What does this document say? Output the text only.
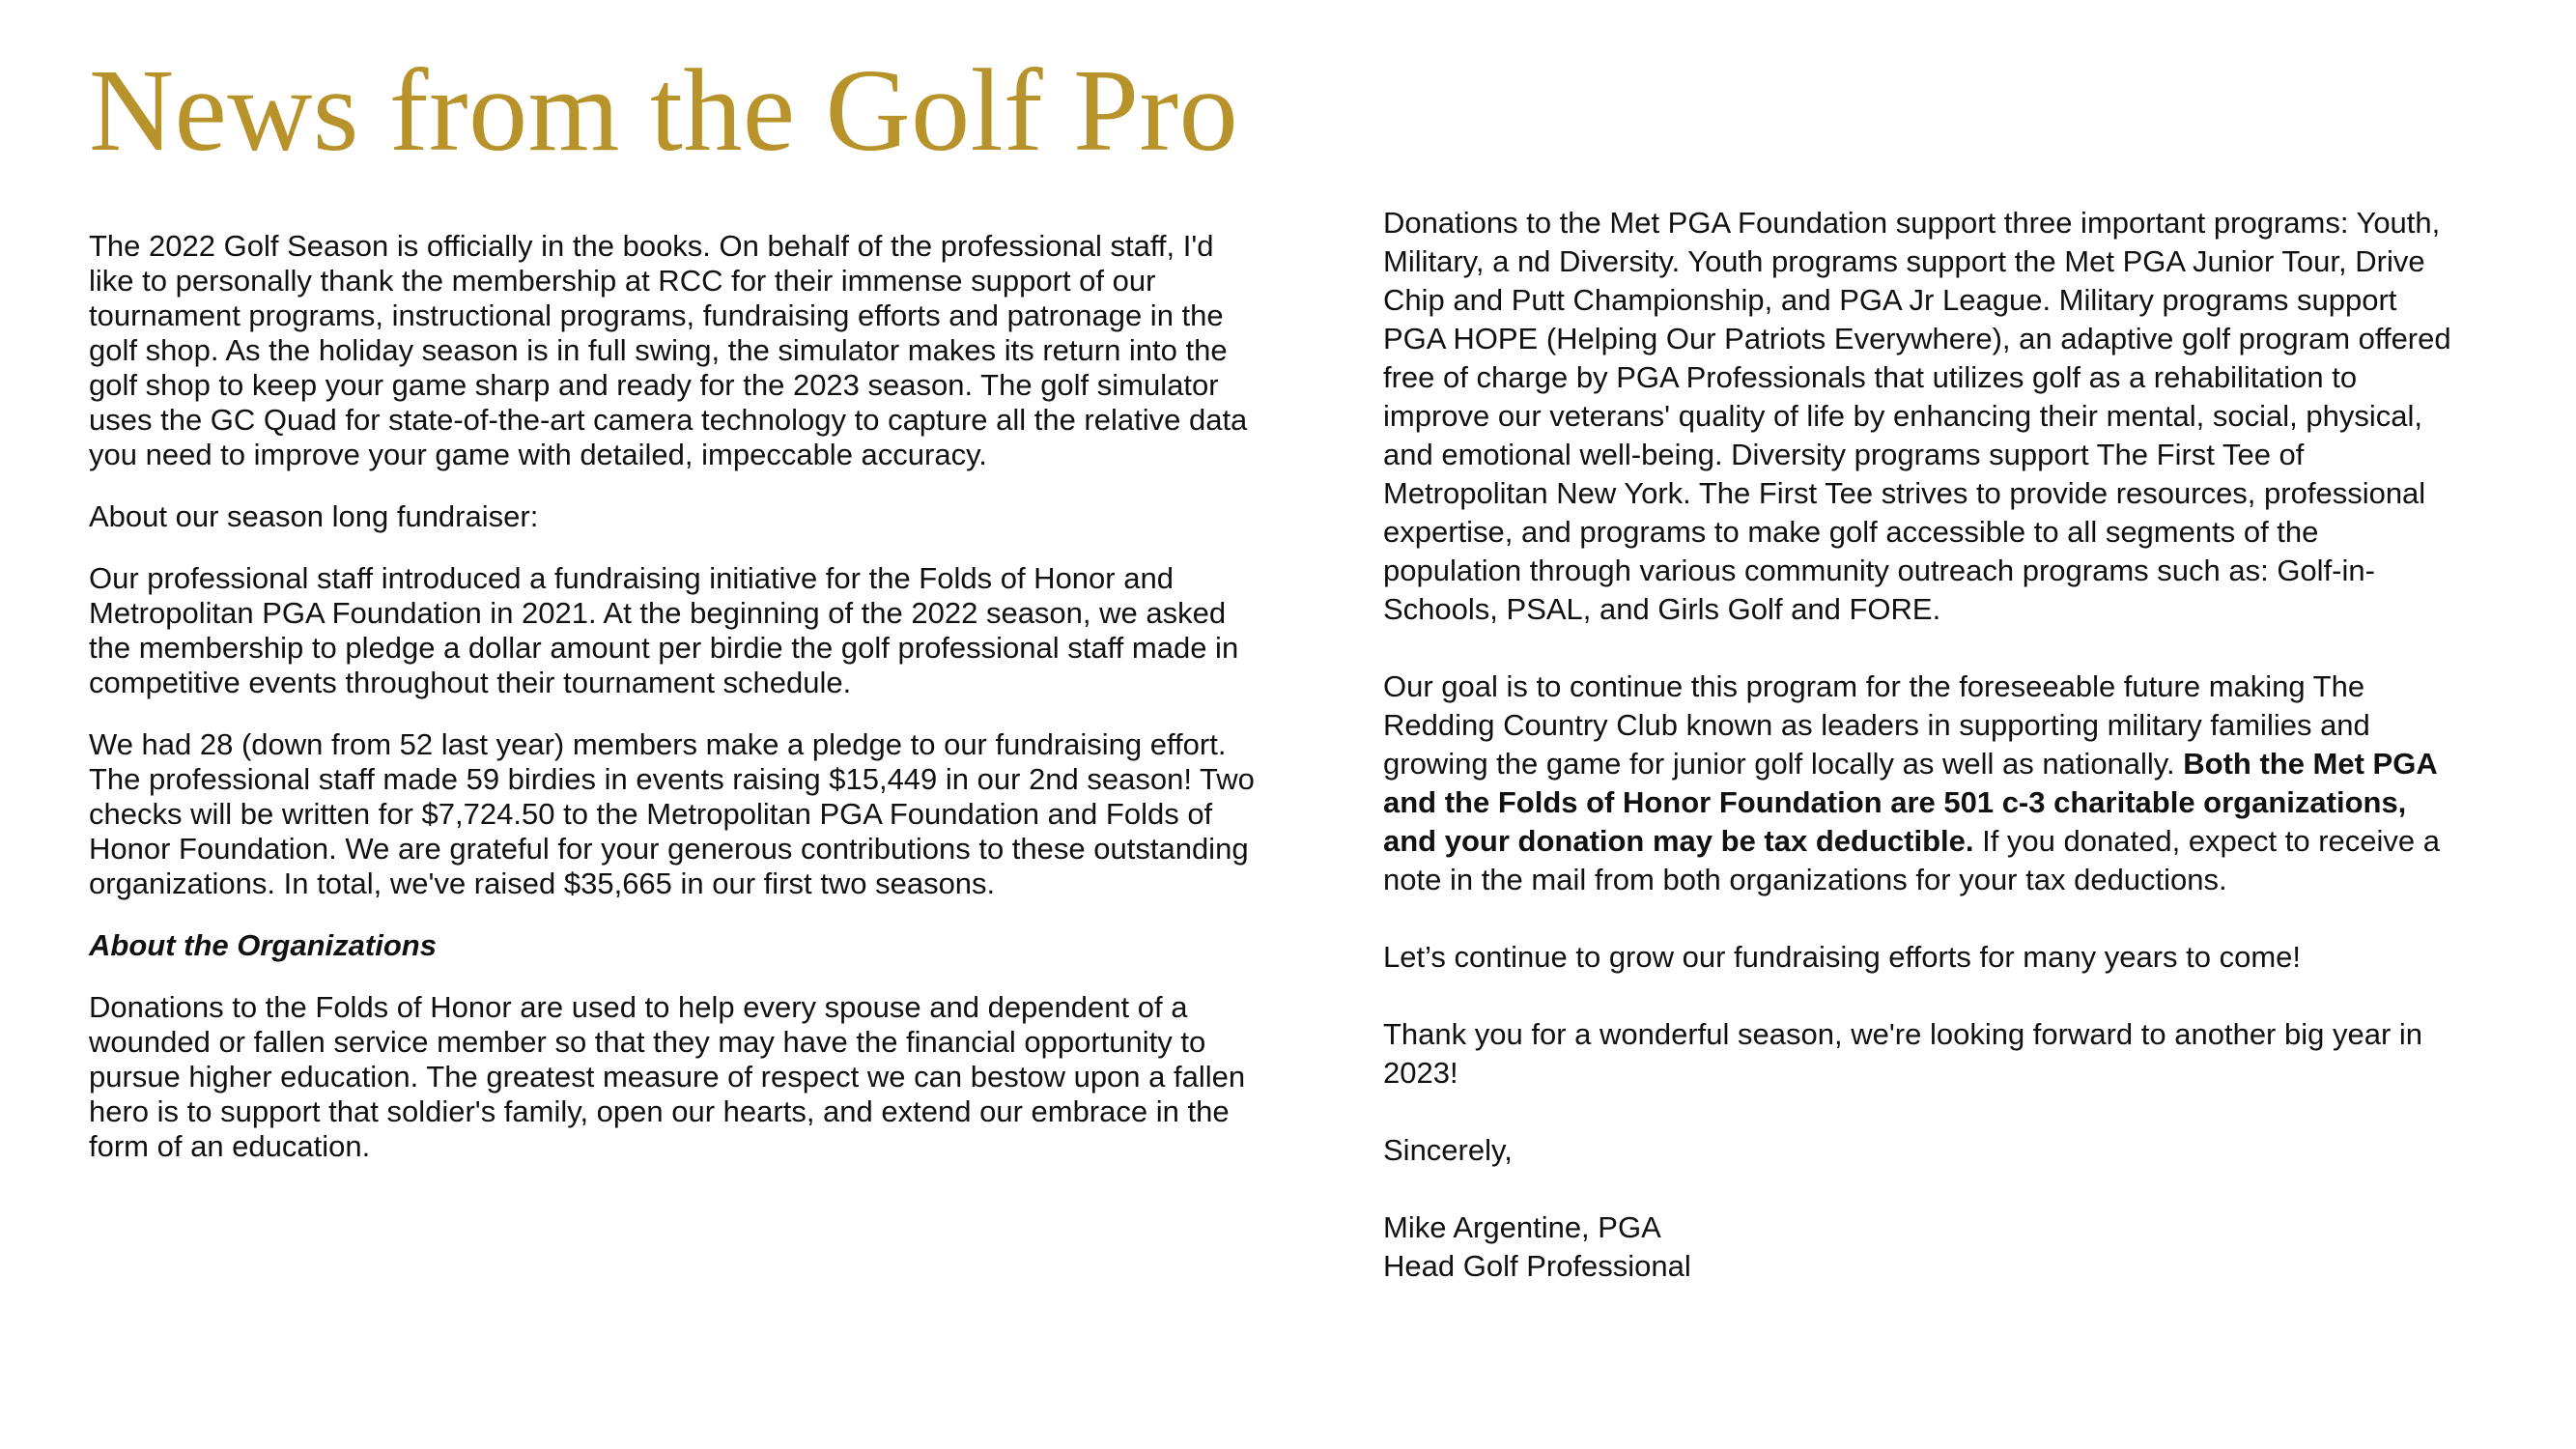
News from the Golf Pro

The 2022 Golf Season is officially in the books. On behalf of the professional staff, I'd like to personally thank the membership at RCC for their immense support of our tournament programs, instructional programs, fundraising efforts and patronage in the golf shop. As the holiday season is in full swing, the simulator makes its return into the golf shop to keep your game sharp and ready for the 2023 season. The golf simulator uses the GC Quad for state-of-the-art camera technology to capture all the relative data you need to improve your game with detailed, impeccable accuracy.

About our season long fundraiser:

Our professional staff introduced a fundraising initiative for the Folds of Honor and Metropolitan PGA Foundation in 2021. At the beginning of the 2022 season, we asked the membership to pledge a dollar amount per birdie the golf professional staff made in competitive events throughout their tournament schedule.

We had 28 (down from 52 last year) members make a pledge to our fundraising effort. The professional staff made 59 birdies in events raising $15,449 in our 2nd season! Two checks will be written for $7,724.50 to the Metropolitan PGA Foundation and Folds of Honor Foundation. We are grateful for your generous contributions to these outstanding organizations. In total, we've raised $35,665 in our first two seasons.

About the Organizations

Donations to the Folds of Honor are used to help every spouse and dependent of a wounded or fallen service member so that they may have the financial opportunity to pursue higher education. The greatest measure of respect we can bestow upon a fallen hero is to support that soldier's family, open our hearts, and extend our embrace in the form of an education.

Donations to the Met PGA Foundation support three important programs: Youth, Military, a nd Diversity. Youth programs support the Met PGA Junior Tour, Drive Chip and Putt Championship, and PGA Jr League. Military programs support PGA HOPE (Helping Our Patriots Everywhere), an adaptive golf program offered free of charge by PGA Professionals that utilizes golf as a rehabilitation to improve our veterans' quality of life by enhancing their mental, social, physical, and emotional well-being. Diversity programs support The First Tee of Metropolitan New York. The First Tee strives to provide resources, professional expertise, and programs to make golf accessible to all segments of the population through various community outreach programs such as: Golf-in-Schools, PSAL, and Girls Golf and FORE.

Our goal is to continue this program for the foreseeable future making The Redding Country Club known as leaders in supporting military families and growing the game for junior golf locally as well as nationally. Both the Met PGA and the Folds of Honor Foundation are 501 c-3 charitable organizations, and your donation may be tax deductible. If you donated, expect to receive a note in the mail from both organizations for your tax deductions.

Let’s continue to grow our fundraising efforts for many years to come!

Thank you for a wonderful season, we're looking forward to another big year in 2023!

Sincerely,

Mike Argentine, PGA
Head Golf Professional
